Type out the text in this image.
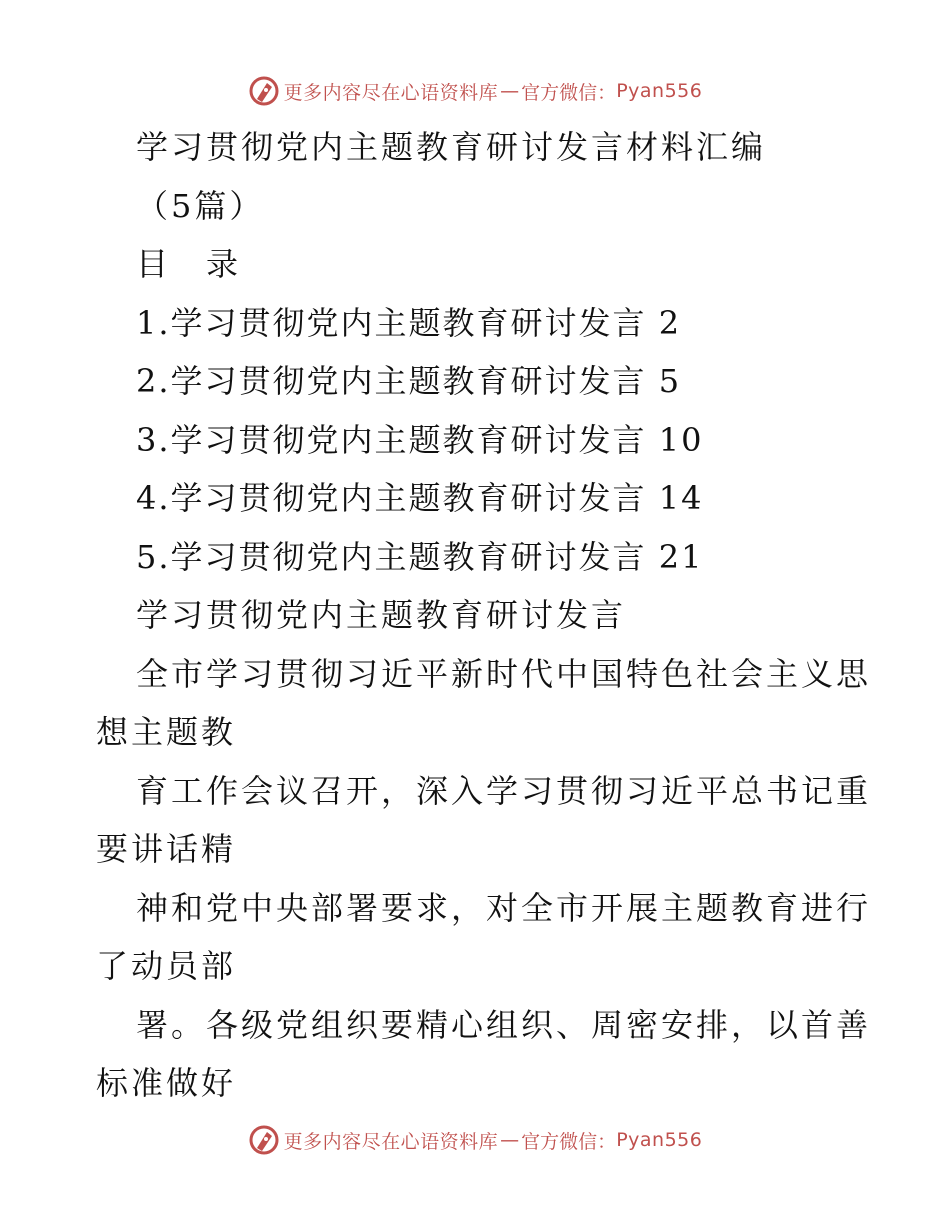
更多内容尽在心语资料库 — 官方微信： Pyan556

学习贯彻党内主题教育研讨发言材料汇编

（5篇）

目　录

1.学习贯彻党内主题教育研讨发言 2

2.学习贯彻党内主题教育研讨发言 5

3.学习贯彻党内主题教育研讨发言 10

4.学习贯彻党内主题教育研讨发言 14

5.学习贯彻党内主题教育研讨发言 21

学习贯彻党内主题教育研讨发言

全市学习贯彻习近平新时代中国特色社会主义思

想主题教

育工作会议召开，深入学习贯彻习近平总书记重

要讲话精

神和党中央部署要求，对全市开展主题教育进行

了动员部

署。各级党组织要精心组织、周密安排，以首善

标准做好

更多内容尽在心语资料库 — 官方微信： Pyan556
